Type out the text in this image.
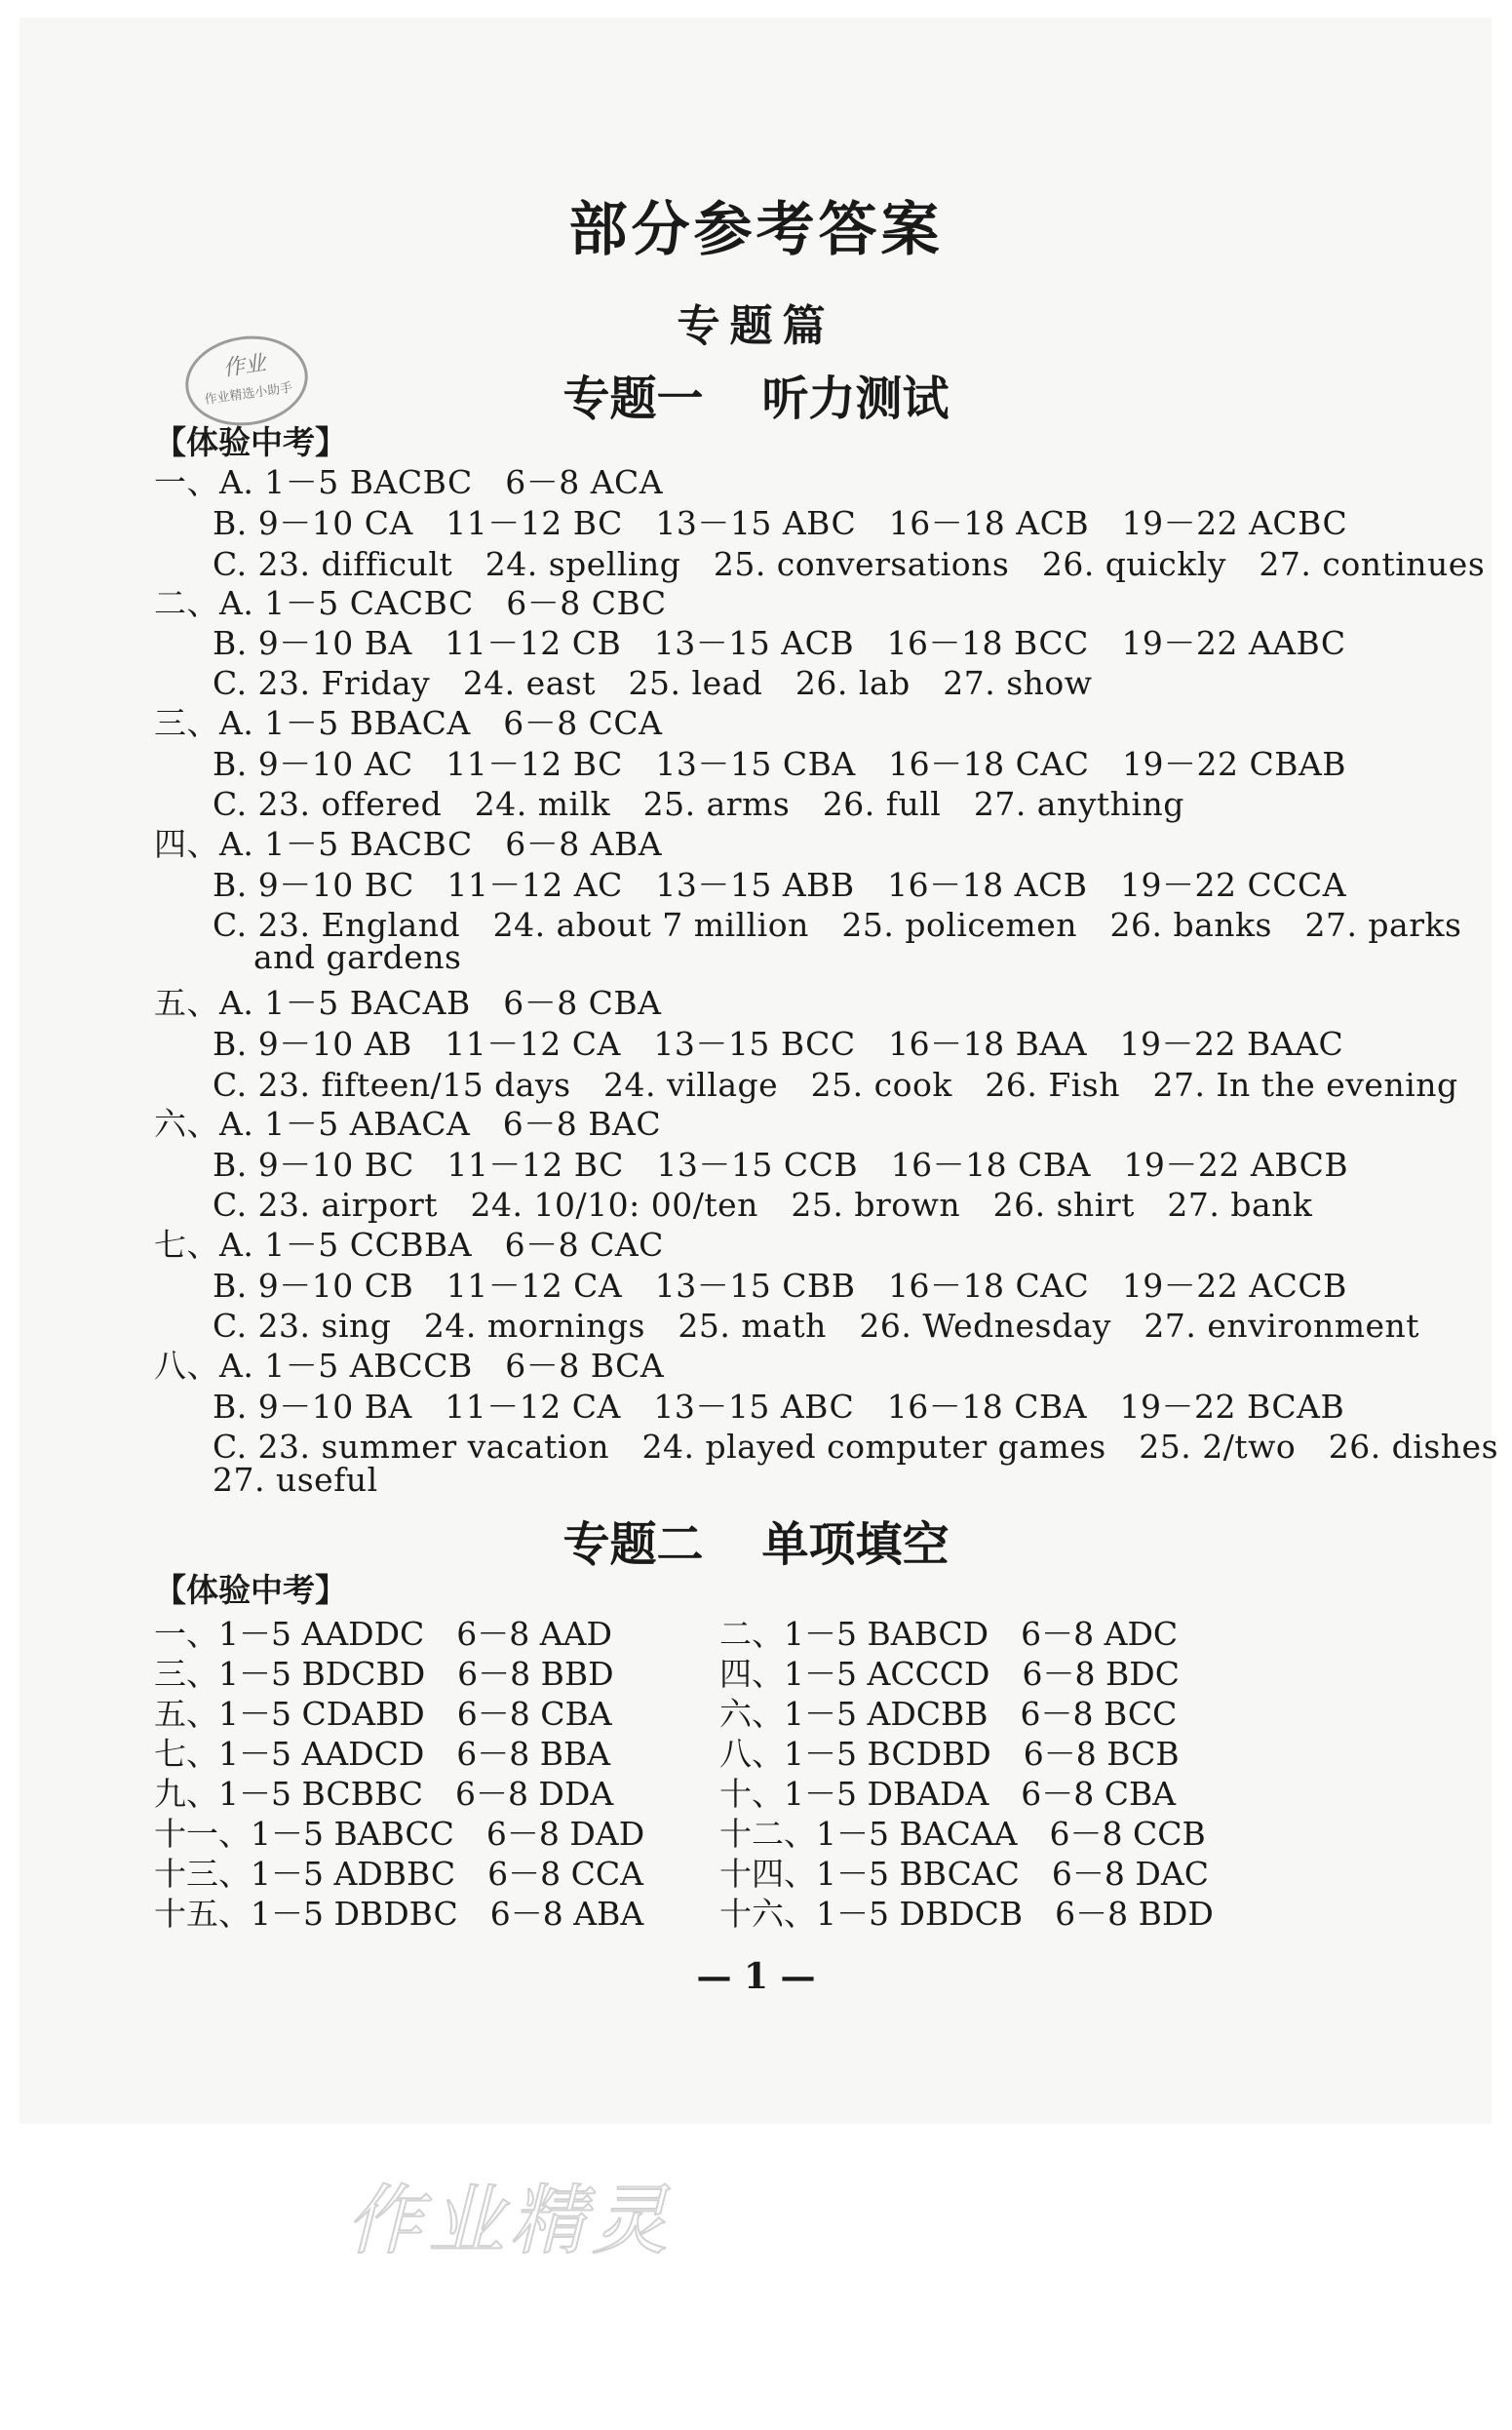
作业
作业精选小助手
部分参考答案
专题篇
专题一 听力测试
【体验中考】
一、A. 1－5 BACBC　6－8 ACA
B. 9－10 CA　11－12 BC　13－15 ABC　16－18 ACB　19－22 ACBC
C. 23. difficult　24. spelling　25. conversations　26. quickly　27. continues
二、A. 1－5 CACBC　6－8 CBC
B. 9－10 BA　11－12 CB　13－15 ACB　16－18 BCC　19－22 AABC
C. 23. Friday　24. east　25. lead　26. lab　27. show
三、A. 1－5 BBACA　6－8 CCA
B. 9－10 AC　11－12 BC　13－15 CBA　16－18 CAC　19－22 CBAB
C. 23. offered　24. milk　25. arms　26. full　27. anything
四、A. 1－5 BACBC　6－8 ABA
B. 9－10 BC　11－12 AC　13－15 ABB　16－18 ACB　19－22 CCCA
C. 23. England　24. about 7 million　25. policemen　26. banks　27. parks
and gardens
五、A. 1－5 BACAB　6－8 CBA
B. 9－10 AB　11－12 CA　13－15 BCC　16－18 BAA　19－22 BAAC
C. 23. fifteen/15 days　24. village　25. cook　26. Fish　27. In the evening
六、A. 1－5 ABACA　6－8 BAC
B. 9－10 BC　11－12 BC　13－15 CCB　16－18 CBA　19－22 ABCB
C. 23. airport　24. 10/10: 00/ten　25. brown　26. shirt　27. bank
七、A. 1－5 CCBBA　6－8 CAC
B. 9－10 CB　11－12 CA　13－15 CBB　16－18 CAC　19－22 ACCB
C. 23. sing　24. mornings　25. math　26. Wednesday　27. environment
八、A. 1－5 ABCCB　6－8 BCA
B. 9－10 BA　11－12 CA　13－15 ABC　16－18 CBA　19－22 BCAB
C. 23. summer vacation　24. played computer games　25. 2/two　26. dishes
27. useful
专题二 单项填空
【体验中考】
一、1－5 AADDC　6－8 AAD	二、1－5 BABCD　6－8 ADC
三、1－5 BDCBD　6－8 BBD	四、1－5 ACCCD　6－8 BDC
五、1－5 CDABD　6－8 CBA	六、1－5 ADCBB　6－8 BCC
七、1－5 AADCD　6－8 BBA	八、1－5 BCDBD　6－8 BCB
九、1－5 BCBBC　6－8 DDA	十、1－5 DBADA　6－8 CBA
十一、1－5 BABCC　6－8 DAD 十二、1－5 BACAA　6－8 CCB
十三、1－5 ADBBC　6－8 CCA 十四、1－5 BBCAC　6－8 DAC
十五、1－5 DBDBC　6－8 ABA 十六、1－5 DBDCB　6－8 BDD
— 1 —
作业精灵
